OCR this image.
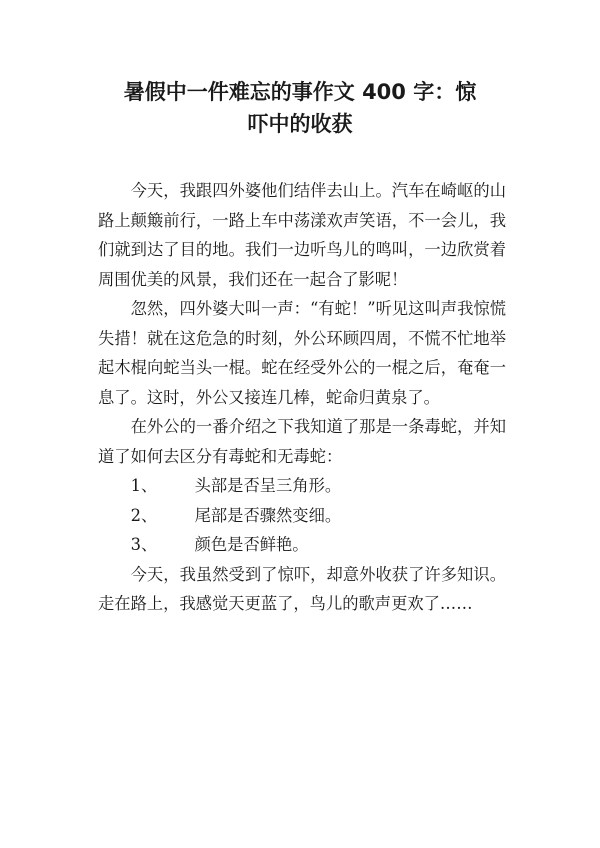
暑假中一件难忘的事作文 400 字：惊
吓中的收获

今天，我跟四外婆他们结伴去山上。汽车在崎岖的山路上颠簸前行，一路上车中荡漾欢声笑语，不一会儿，我们就到达了目的地。我们一边听鸟儿的鸣叫，一边欣赏着周围优美的风景，我们还在一起合了影呢！

忽然，四外婆大叫一声：“有蛇！”听见这叫声我惊慌失措！就在这危急的时刻，外公环顾四周，不慌不忙地举起木棍向蛇当头一棍。蛇在经受外公的一棍之后，奄奄一息了。这时，外公又接连几棒，蛇命归黄泉了。

在外公的一番介绍之下我知道了那是一条毒蛇，并知道了如何去区分有毒蛇和无毒蛇：

1、 头部是否呈三角形。
2、 尾部是否骤然变细。
3、 颜色是否鲜艳。

今天，我虽然受到了惊吓，却意外收获了许多知识。走在路上，我感觉天更蓝了，鸟儿的歌声更欢了……
